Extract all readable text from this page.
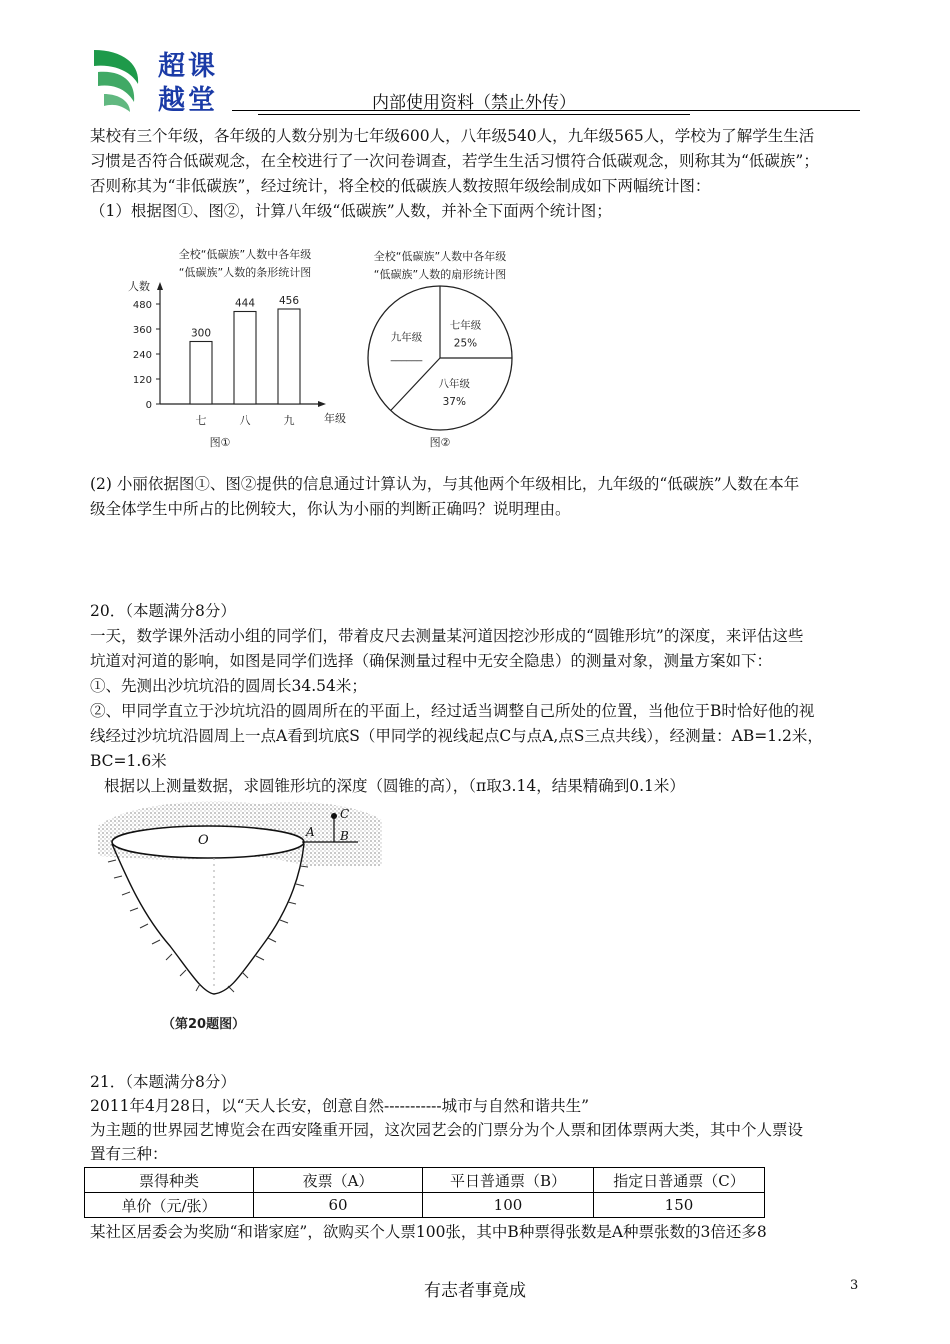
超课
越堂	内部使用资料（禁止外传）
某校有三个年级，各年级的人数分别为七年级600人，八年级540人，九年级565人，学校为了解学生生活
习惯是否符合低碳观念，在全校进行了一次问卷调查，若学生生活习惯符合低碳观念，则称其为“低碳族”；
否则称其为“非低碳族”，经过统计，将全校的低碳族人数按照年级绘制成如下两幅统计图：
（1）根据图①、图②，计算八年级“低碳族”人数，并补全下面两个统计图；
全校“低碳族”人数中各年级
“低碳族”人数的条形统计图
人数
年级
0
120
240
360
480
300
七
444
八
456
九
图①
全校“低碳族”人数中各年级
“低碳族”人数的扇形统计图
七年级
25%
八年级
37%
九年级
______
图②
(2) 小丽依据图①、图②提供的信息通过计算认为，与其他两个年级相比，九年级的“低碳族”人数在本年
级全体学生中所占的比例较大，你认为小丽的判断正确吗？说明理由。
20．（本题满分8分）
一天，数学课外活动小组的同学们，带着皮尺去测量某河道因挖沙形成的“圆锥形坑”的深度，来评估这些
坑道对河道的影响，如图是同学们选择（确保测量过程中无安全隐患）的测量对象，测量方案如下：
①、先测出沙坑坑沿的圆周长34.54米；
②、甲同学直立于沙坑坑沿的圆周所在的平面上，经过适当调整自己所处的位置，当他位于B时恰好他的视
线经过沙坑坑沿圆周上一点A看到坑底S（甲同学的视线起点C与点A,点S三点共线），经测量：AB=1.2米，
BC=1.6米
根据以上测量数据，求圆锥形坑的深度（圆锥的高），（π取3.14，结果精确到0.1米）
O
A B
C
（第20题图）
21．（本题满分8分）
2011年4月28日，以“天人长安，创意自然-----------城市与自然和谐共生”
为主题的世界园艺博览会在西安隆重开园，这次园艺会的门票分为个人票和团体票两大类，其中个人票设
置有三种：
票得种类	夜票（A）	平日普通票（B）	指定日普通票（C）
单价（元/张）	60	100	150
某社区居委会为奖励“和谐家庭”，欲购买个人票100张，其中B种票得张数是A种票张数的3倍还多8
有志者事竟成	3
